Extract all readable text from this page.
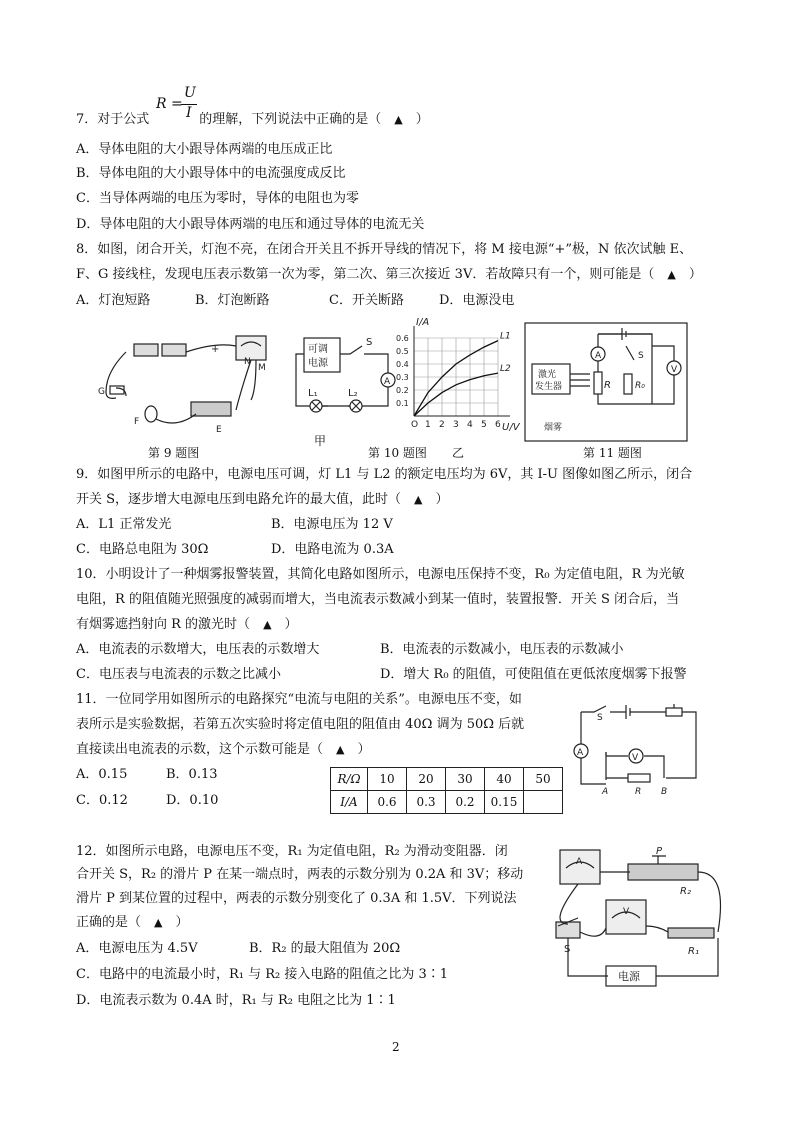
R =
U
I
7．对于公式	的理解，下列说法中正确的是（　▲　）
A．导体电阻的大小跟导体两端的电压成正比
B．导体电阻的大小跟导体中的电流强度成反比
C．当导体两端的电压为零时，导体的电阻也为零
D．导体电阻的大小跟导体两端的电压和通过导体的电流无关
8．如图，闭合开关，灯泡不亮，在闭合开关且不拆开导线的情况下，将 M 接电源“+”极，N 依次试触 E、
F、G 接线柱，发现电压表示数第一次为零，第二次、第三次接近 3V．若故障只有一个，则可能是（　▲　）
A．灯泡短路	B．灯泡断路	C．开关断路	D．电源没电
N
M
G
F
E
+
第 9 题图
可调
电源
S
A
L₁	L₂
甲
O 1 2 3 4 5 6
0.1
0.2
0.3
0.4
0.5
0.6
I/A
U/V
L1
L2
第 10 题图 乙
A
V
S
R	R₀
激光
发生器
烟雾
第 11 题图
9．如图甲所示的电路中，电源电压可调，灯 L1 与 L2 的额定电压均为 6V，其 I-U 图像如图乙所示，闭合
开关 S，逐步增大电源电压到电路允许的最大值，此时（　▲　）
A．L1 正常发光	B．电源电压为 12 V
C．电路总电阻为 30Ω	D．电路电流为 0.3A
10．小明设计了一种烟雾报警装置，其简化电路如图所示，电源电压保持不变，R₀ 为定值电阻，R 为光敏
电阻，R 的阻值随光照强度的减弱而增大，当电流表示数减小到某一值时，装置报警．开关 S 闭合后，当
有烟雾遮挡射向 R 的激光时（　▲　）
A．电流表的示数增大，电压表的示数增大	B．电流表的示数减小，电压表的示数减小
C．电压表与电流表的示数之比减小	D．增大 R₀ 的阻值，可使阻值在更低浓度烟雾下报警
11．一位同学用如图所示的电路探究“电流与电阻的关系”。电源电压不变，如
表所示是实验数据，若第五次实验时将定值电阻的阻值由 40Ω 调为 50Ω 后就
直接读出电流表的示数，这个示数可能是（　▲　）
A．0.15	B．0.13
C．0.12	D．0.10
R/Ω	10	20	30	40	50
I/A	0.6	0.3	0.2	0.15	
S
A	V
A	R B
12．如图所示电路，电源电压不变，R₁ 为定值电阻，R₂ 为滑动变阻器．闭
合开关 S，R₂ 的滑片 P 在某一端点时，两表的示数分别为 0.2A 和 3V；移动
滑片 P 到某位置的过程中，两表的示数分别变化了 0.3A 和 1.5V．下列说法
正确的是（　▲　）
A．电源电压为 4.5V	B．R₂ 的最大阻值为 20Ω
C．电路中的电流最小时，R₁ 与 R₂ 接入电路的阻值之比为 3∶1
D．电流表示数为 0.4A 时，R₁ 与 R₂ 电阻之比为 1∶1
P
R₂
A
V
S	R₁
电源
2
